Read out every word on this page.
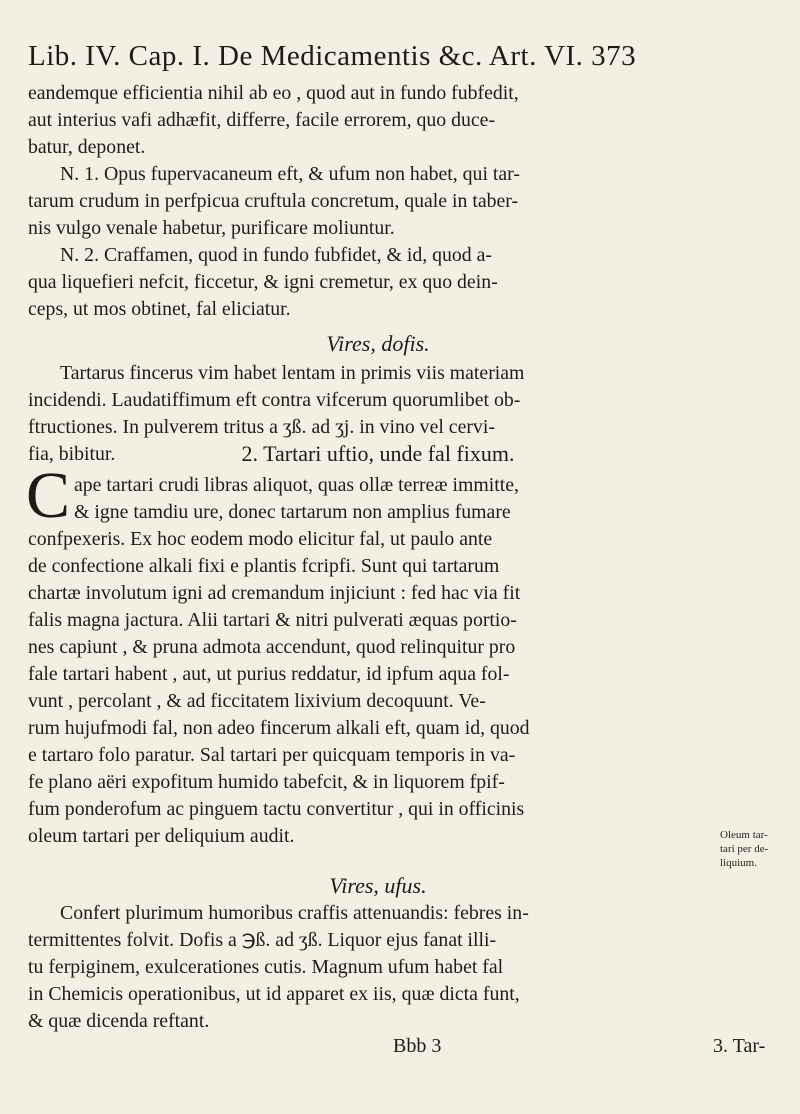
Lib. IV. Cap. I. De Medicamentis &c. Art. VI. 373
eandemque efficientia nihil ab eo , quod aut in fundo fubfedit,
aut interius vafi adhæfit, differre, facile errorem, quo duce-
batur, deponet.
N. 1. Opus fupervacaneum eft, & ufum non habet, qui tar-
tarum crudum in perfpicua cruftula concretum, quale in taber-
nis vulgo venale habetur, purificare moliuntur.
N. 2. Craffamen, quod in fundo fubfidet, & id, quod a-
qua liquefieri nefcit, ficcetur, & igni cremetur, ex quo dein-
ceps, ut mos obtinet, fal eliciatur.
Vires, dofis.
Tartarus fincerus vim habet lentam in primis viis materiam
incidendi. Laudatiffimum eft contra vifcerum quorumlibet ob-
ftructiones. In pulverem tritus a ʒß. ad ʒj. in vino vel cervi-
fia, bibitur.	2. Tartari uftio, unde fal fixum.
C ape tartari crudi libras aliquot, quas ollæ terreæ immitte,
& igne tamdiu ure, donec tartarum non amplius fumare
confpexeris. Ex hoc eodem modo elicitur fal, ut paulo ante
de confectione alkali fixi e plantis fcripfi. Sunt qui tartarum
chartæ involutum igni ad cremandum injiciunt : fed hac via fit
falis magna jactura. Alii tartari & nitri pulverati æquas portio-
nes capiunt , & pruna admota accendunt, quod relinquitur pro
fale tartari habent , aut, ut purius reddatur, id ipfum aqua fol-
vunt , percolant , & ad ficcitatem lixivium decoquunt. Ve-
rum hujufmodi fal, non adeo fincerum alkali eft, quam id, quod
e tartaro folo paratur. Sal tartari per quicquam temporis in va-
fe plano aëri expofitum humido tabefcit, & in liquorem fpif-
fum ponderofum ac pinguem tactu convertitur , qui in officinis
oleum tartari per deliquium audit.	Oleum tar-
tari per de-
liquium.
Vires, ufus.
Confert plurimum humoribus craffis attenuandis: febres in-
termittentes folvit. Dofis a ℈ß. ad ʒß. Liquor ejus fanat illi-
tu ferpiginem, exulcerationes cutis. Magnum ufum habet fal
in Chemicis operationibus, ut id apparet ex iis, quæ dicta funt,
& quæ dicenda reftant.
Bbb 3	3. Tar-
